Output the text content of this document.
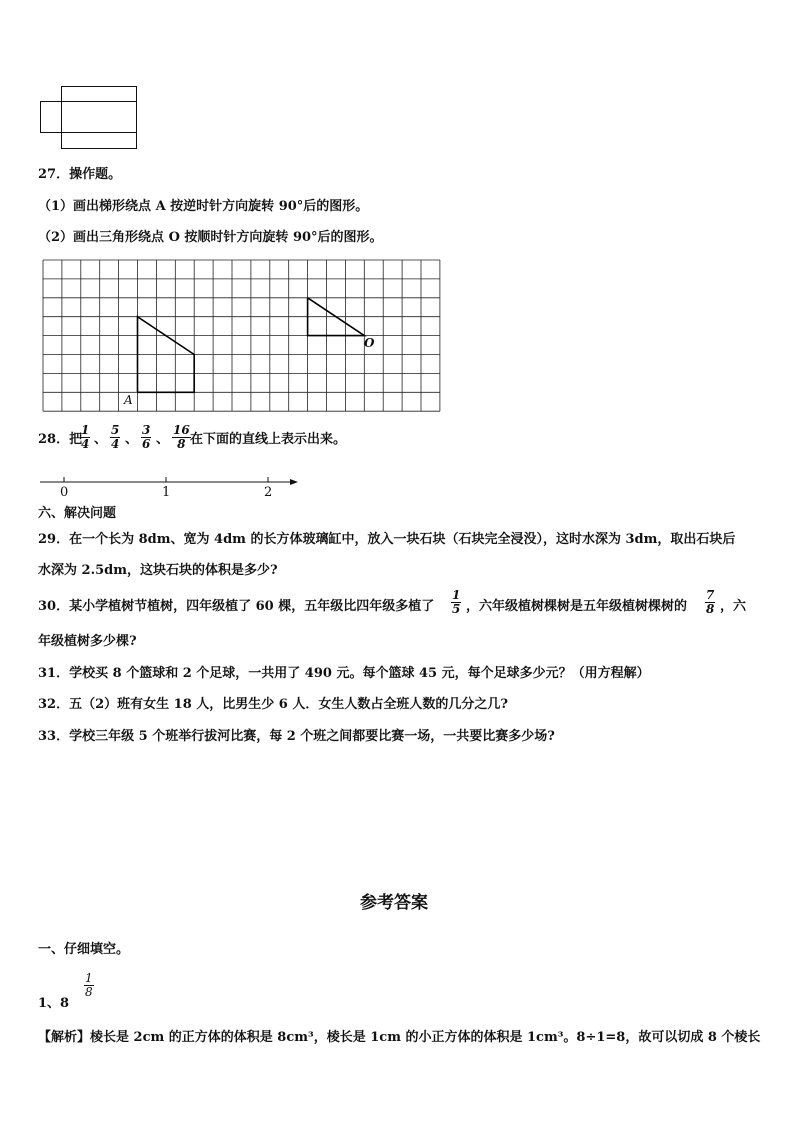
27．操作题。
（1）画出梯形绕点 A 按逆时针方向旋转 90°后的图形。
（2）画出三角形绕点 O 按顺时针方向旋转 90°后的图形。
A
O
28．把
$\frac{1}{4}$ 、 $\frac{5}{4}$ 、 $\frac{3}{6}$ 、 $\frac{16}{8}$ 在下面的直线上表示出来。
0	1	2
六、解决问题
29．在一个长为 8dm、宽为 4dm 的长方体玻璃缸中，放入一块石块（石块完全浸没），这时水深为 3dm，取出石块后
水深为 2.5dm，这块石块的体积是多少?
30．某小学植树节植树，四年级植了 60 棵，五年级比四年级多植了 $\frac{1}{5}$ ，六年级植树棵树是五年级植树棵树的 $\frac{7}{8}$ ，六
年级植树多少棵?
31．学校买 8 个篮球和 2 个足球，一共用了 490 元。每个篮球 45 元，每个足球多少元？（用方程解）
32．五（2）班有女生 18 人，比男生少 6 人．女生人数占全班人数的几分之几?
33．学校三年级 5 个班举行拔河比赛，每 2 个班之间都要比赛一场，一共要比赛多少场?
参考答案
一、仔细填空。
1、8
$\frac{1}{8}$
【解析】棱长是 2cm 的正方体的体积是 8cm³，棱长是 1cm 的小正方体的体积是 1cm³。8÷1=8，故可以切成 8 个棱长
